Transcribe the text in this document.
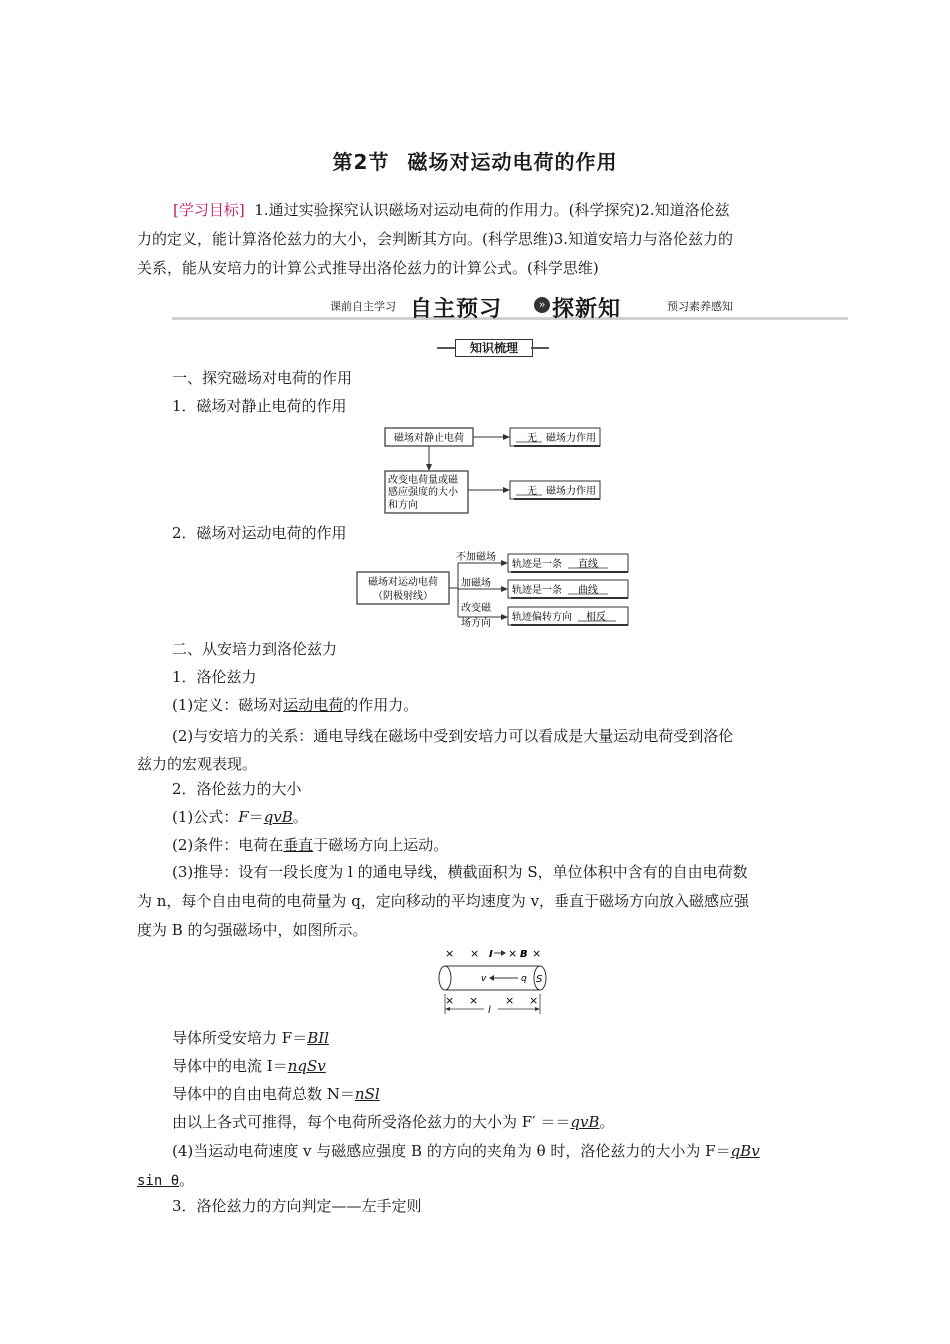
第2节 磁场对运动电荷的作用
[学习目标] 1.通过实验探究认识磁场对运动电荷的作用力。(科学探究)2.知道洛伦兹
力的定义，能计算洛伦兹力的大小，会判断其方向。(科学思维)3.知道安培力与洛伦兹力的
关系，能从安培力的计算公式推导出洛伦兹力的计算公式。(科学思维)
课前自主学习 自主预习	» 探新知	预习素养感知
知识梳理
一、探究磁场对电荷的作用
1．磁场对静止电荷的作用
磁场对静止电荷	无 磁场力作用
改变电荷量或磁
感应强度的大小
和方向
无 磁场力作用
2．磁场对运动电荷的作用
磁场对运动电荷
（阴极射线）
不加磁场
加磁场
改变磁
场方向
轨迹是一条 直线
轨迹是一条 曲线
轨迹偏转方向 相反
二、从安培力到洛伦兹力
1．洛伦兹力
(1)定义：磁场对运动电荷的作用力。
(2)与安培力的关系：通电导线在磁场中受到安培力可以看成是大量运动电荷受到洛伦
兹力的宏观表现。
2．洛伦兹力的大小
(1)公式：F＝qvB。
(2)条件：电荷在垂直于磁场方向上运动。
(3)推导：设有一段长度为 l 的通电导线，横截面积为 S，单位体积中含有的自由电荷数
为 n，每个自由电荷的电荷量为 q，定向移动的平均速度为 v，垂直于磁场方向放入磁感应强
度为 B 的匀强磁场中，如图所示。
× × I × B ×
S
v	q
× × × ×
l
导体所受安培力 F＝BIl
导体中的电流 I＝nqSv
导体中的自由电荷总数 N＝nSl
由以上各式可推得，每个电荷所受洛伦兹力的大小为 F′ ＝＝qvB。
(4)当运动电荷速度 v 与磁感应强度 B 的方向的夹角为 θ 时，洛伦兹力的大小为 F＝qBv
sin θ。
3．洛伦兹力的方向判定——左手定则
